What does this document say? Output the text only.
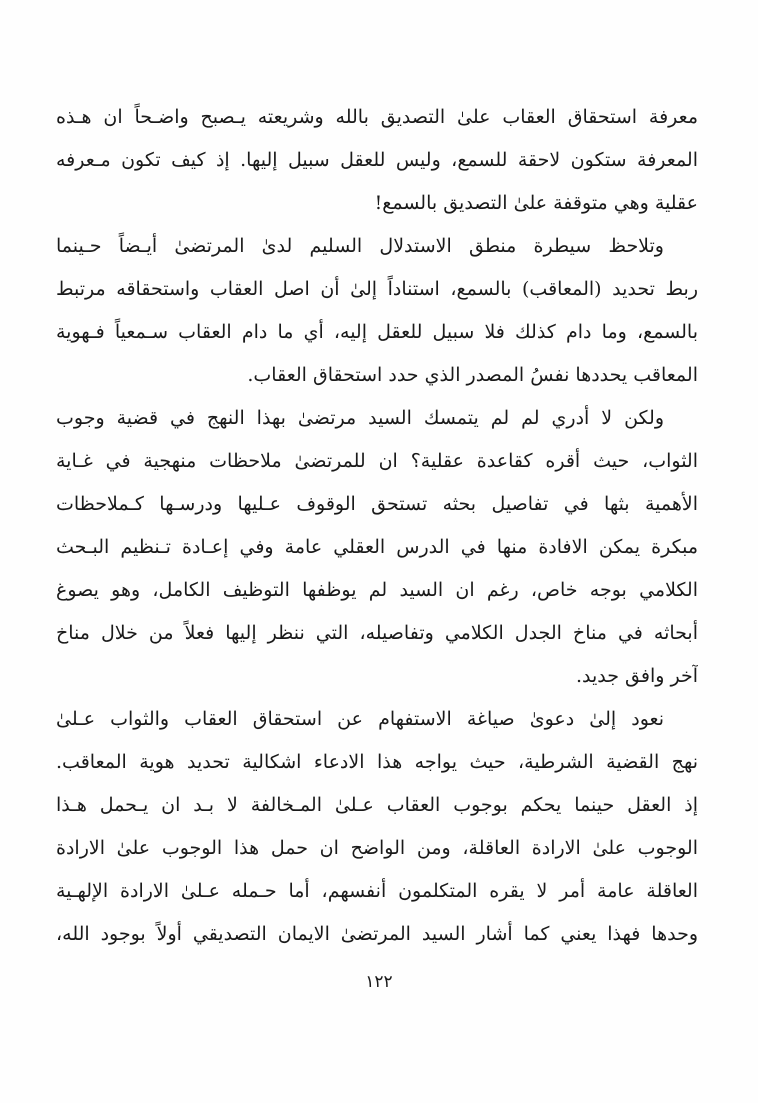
معرفة استحقاق العقاب علىٰ التصديق بالله وشريعته يـصبح واضـحاً ان هـذه
المعرفة ستكون لاحقة للسمع، وليس للعقل سبيل إليها. إذ كيف تكون مـعرفه
عقلية وهي متوقفة علىٰ التصديق بالسمع!
وتلاحظ سيطرة منطق الاستدلال السليم لدىٰ المرتضىٰ أيـضاً حـينما
ربط تحديد (المعاقب) بالسمع، استناداً إلىٰ أن اصل العقاب واستحقاقه مرتبط
بالسمع، وما دام كذلك فلا سبيل للعقل إليه، أي ما دام العقاب سـمعياً فـهوية
المعاقب يحددها نفسُ المصدر الذي حدد استحقاق العقاب.
ولكن لا أدري لم لم يتمسك السيد مرتضىٰ بهذا النهج في قضية وجوب
الثواب، حيث أقره كقاعدة عقلية؟ ان للمرتضىٰ ملاحظات منهجية في غـاية
الأهمية بثها في تفاصيل بحثه تستحق الوقوف عـليها ودرسـها كـملاحظات
مبكرة يمكن الافادة منها في الدرس العقلي عامة وفي إعـادة تـنظيم البـحث
الكلامي بوجه خاص، رغم ان السيد لم يوظفها التوظيف الكامل، وهو يصوغ
أبحاثه في مناخ الجدل الكلامي وتفاصيله، التي ننظر إليها فعلاً من خلال مناخ
آخر وافق جديد.
نعود إلىٰ دعوىٰ صياغة الاستفهام عن استحقاق العقاب والثواب عـلىٰ
نهج القضية الشرطية، حيث يواجه هذا الادعاء اشكالية تحديد هوية المعاقب.
إذ العقل حينما يحكم بوجوب العقاب عـلىٰ المـخالفة لا بـد ان يـحمل هـذا
الوجوب علىٰ الارادة العاقلة، ومن الواضح ان حمل هذا الوجوب علىٰ الارادة
العاقلة عامة أمر لا يقره المتكلمون أنفسهم، أما حـمله عـلىٰ الارادة الإلهـية
وحدها فهذا يعني كما أشار السيد المرتضىٰ الايمان التصديقي أولاً بوجود الله،
١٢٢
